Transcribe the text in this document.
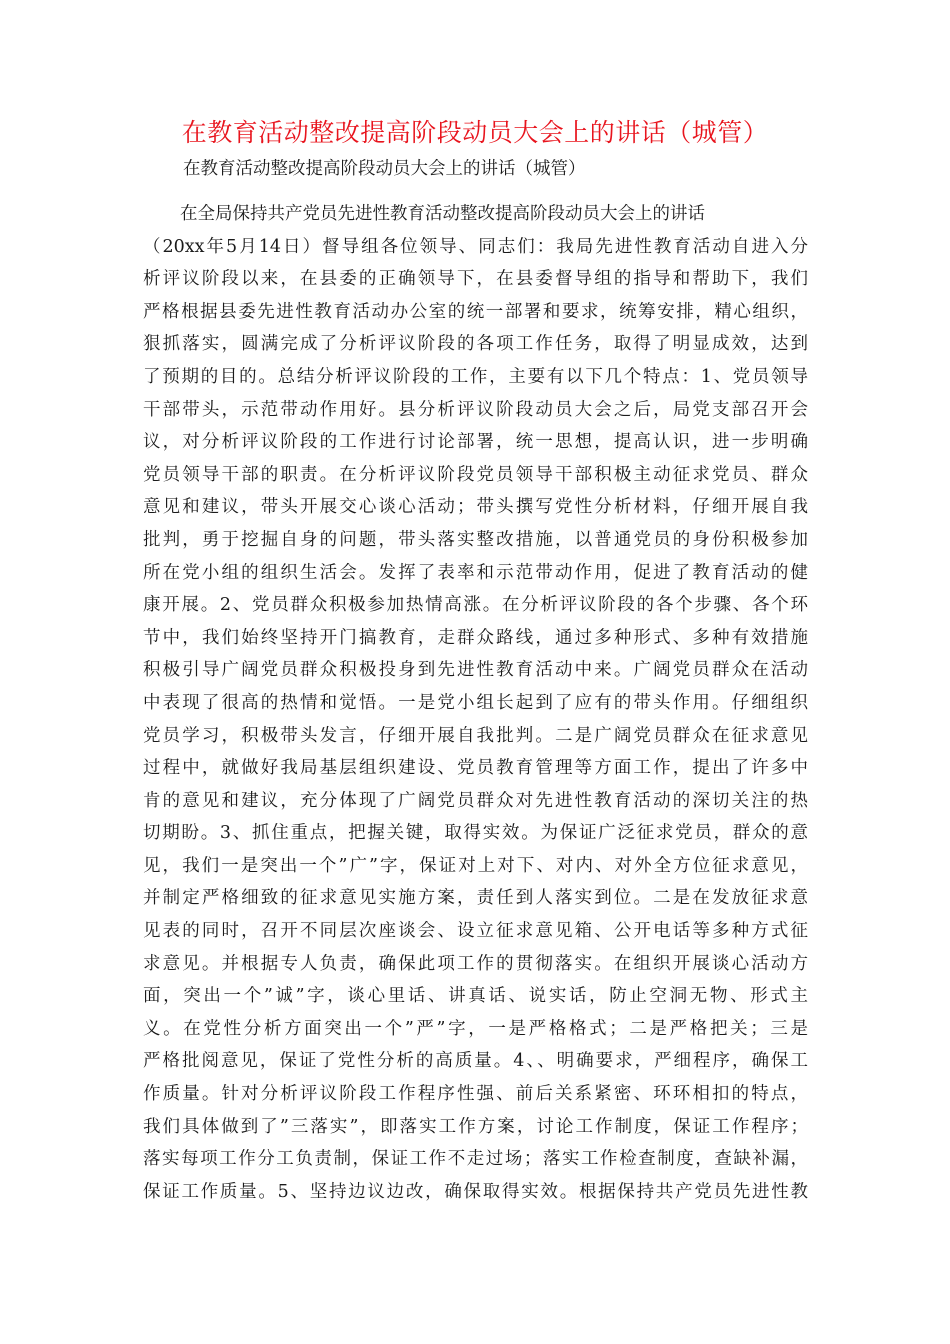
在教育活动整改提高阶段动员大会上的讲话（城管）

在教育活动整改提高阶段动员大会上的讲话（城管）

在全局保持共产党员先进性教育活动整改提高阶段动员大会上的讲话
（20xx年5月14日）督导组各位领导、同志们：我局先进性教育活动自进入分
析评议阶段以来，在县委的正确领导下，在县委督导组的指导和帮助下，我们
严格根据县委先进性教育活动办公室的统一部署和要求，统筹安排，精心组织，
狠抓落实，圆满完成了分析评议阶段的各项工作任务，取得了明显成效，达到
了预期的目的。总结分析评议阶段的工作，主要有以下几个特点：1、党员领导
干部带头，示范带动作用好。县分析评议阶段动员大会之后，局党支部召开会
议，对分析评议阶段的工作进行讨论部署，统一思想，提高认识，进一步明确
党员领导干部的职责。在分析评议阶段党员领导干部积极主动征求党员、群众
意见和建议，带头开展交心谈心活动；带头撰写党性分析材料，仔细开展自我
批判，勇于挖掘自身的问题，带头落实整改措施，以普通党员的身份积极参加
所在党小组的组织生活会。发挥了表率和示范带动作用，促进了教育活动的健
康开展。2、党员群众积极参加热情高涨。在分析评议阶段的各个步骤、各个环
节中，我们始终坚持开门搞教育，走群众路线，通过多种形式、多种有效措施
积极引导广阔党员群众积极投身到先进性教育活动中来。广阔党员群众在活动
中表现了很高的热情和觉悟。一是党小组长起到了应有的带头作用。仔细组织
党员学习，积极带头发言，仔细开展自我批判。二是广阔党员群众在征求意见
过程中，就做好我局基层组织建设、党员教育管理等方面工作，提出了许多中
肯的意见和建议，充分体现了广阔党员群众对先进性教育活动的深切关注的热
切期盼。3、抓住重点，把握关键，取得实效。为保证广泛征求党员，群众的意
见，我们一是突出一个”广”字，保证对上对下、对内、对外全方位征求意见，
并制定严格细致的征求意见实施方案，责任到人落实到位。二是在发放征求意
见表的同时，召开不同层次座谈会、设立征求意见箱、公开电话等多种方式征
求意见。并根据专人负责，确保此项工作的贯彻落实。在组织开展谈心活动方
面，突出一个”诚”字，谈心里话、讲真话、说实话，防止空洞无物、形式主
义。在党性分析方面突出一个”严”字，一是严格格式；二是严格把关；三是
严格批阅意见，保证了党性分析的高质量。4、、明确要求，严细程序，确保工
作质量。针对分析评议阶段工作程序性强、前后关系紧密、环环相扣的特点，
我们具体做到了”三落实”，即落实工作方案，讨论工作制度，保证工作程序；
落实每项工作分工负责制，保证工作不走过场；落实工作检查制度，查缺补漏，
保证工作质量。5、坚持边议边改，确保取得实效。根据保持共产党员先进性教
